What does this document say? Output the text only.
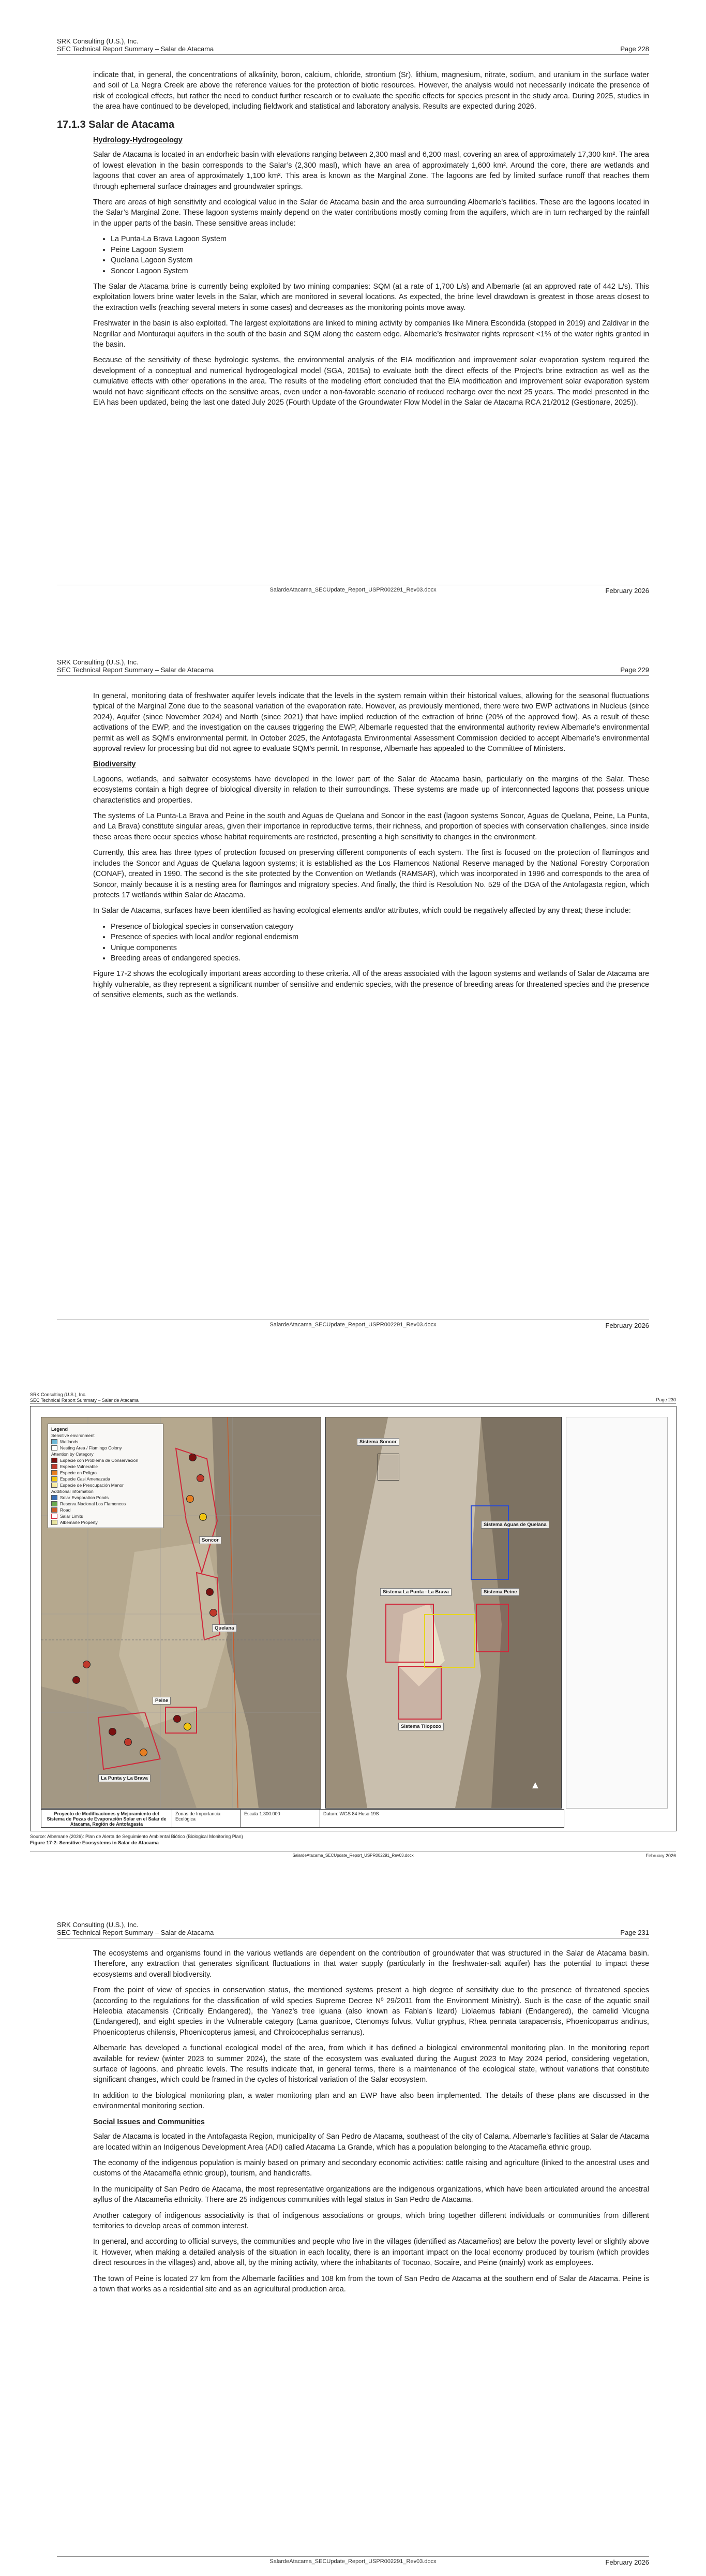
SRK Consulting (U.S.), Inc.
SEC Technical Report Summary – Salar de Atacama	Page 228

indicate that, in general, the concentrations of alkalinity, boron, calcium, chloride, strontium (Sr), lithium, magnesium, nitrate, sodium, and uranium in the surface water and soil of La Negra Creek are above the reference values for the protection of biotic resources. However, the analysis would not necessarily indicate the presence of risk of ecological effects, but rather the need to conduct further research or to evaluate the specific effects for species present in the study area. During 2025, studies in the area have continued to be developed, including fieldwork and statistical and laboratory analysis. Results are expected during 2026.

17.1.3 Salar de Atacama
Hydrology-Hydrogeology

Salar de Atacama is located in an endorheic basin with elevations ranging between 2,300 masl and 6,200 masl, covering an area of approximately 17,300 km². The area of lowest elevation in the basin corresponds to the Salar’s (2,300 masl), which have an area of approximately 1,600 km². Around the core, there are wetlands and lagoons that cover an area of approximately 1,100 km². This area is known as the Marginal Zone. The lagoons are fed by limited surface runoff that reaches them through ephemeral surface drainages and groundwater springs.

There are areas of high sensitivity and ecological value in the Salar de Atacama basin and the area surrounding Albemarle’s facilities. These are the lagoons located in the Salar’s Marginal Zone. These lagoon systems mainly depend on the water contributions mostly coming from the aquifers, which are in turn recharged by the rainfall in the upper parts of the basin. These sensitive areas include:

• La Punta-La Brava Lagoon System
• Peine Lagoon System
• Quelana Lagoon System
• Soncor Lagoon System

The Salar de Atacama brine is currently being exploited by two mining companies: SQM (at a rate of 1,700 L/s) and Albemarle (at an approved rate of 442 L/s). This exploitation lowers brine water levels in the Salar, which are monitored in several locations. As expected, the brine level drawdown is greatest in those areas closest to the extraction wells (reaching several meters in some cases) and decreases as the monitoring points move away.

Freshwater in the basin is also exploited. The largest exploitations are linked to mining activity by companies like Minera Escondida (stopped in 2019) and Zaldivar in the Negrillar and Monturaqui aquifers in the south of the basin and SQM along the eastern edge. Albemarle’s freshwater rights represent <1% of the water rights granted in the basin.

Because of the sensitivity of these hydrologic systems, the environmental analysis of the EIA modification and improvement solar evaporation system required the development of a conceptual and numerical hydrogeological model (SGA, 2015a) to evaluate both the direct effects of the Project’s brine extraction as well as the cumulative effects with other operations in the area. The results of the modeling effort concluded that the EIA modification and improvement solar evaporation system would not have significant effects on the sensitive areas, even under a non-favorable scenario of reduced recharge over the next 25 years. The model presented in the EIA has been updated, being the last one dated July 2025 (Fourth Update of the Groundwater Flow Model in the Salar de Atacama RCA 21/2012 (Gestionare, 2025)).

SalardeAtacama_SECUpdate_Report_USPR002291_Rev03.docx	February 2026
SRK Consulting (U.S.), Inc.
SEC Technical Report Summary – Salar de Atacama	Page 229

In general, monitoring data of freshwater aquifer levels indicate that the levels in the system remain within their historical values, allowing for the seasonal fluctuations typical of the Marginal Zone due to the seasonal variation of the evaporation rate. However, as previously mentioned, there were two EWP activations in Nucleus (since 2024), Aquifer (since November 2024) and North (since 2021) that have implied reduction of the extraction of brine (20% of the approved flow). As a result of these activations of the EWP, and the investigation on the causes triggering the EWP, Albemarle requested that the environmental authority review Albemarle’s environmental permit as well as SQM’s environmental permit. In October 2025, the Antofagasta Environmental Assessment Commission decided to accept Albemarle’s environmental approval review for processing but did not agree to evaluate SQM’s permit. In response, Albemarle has appealed to the Committee of Ministers.

Biodiversity

Lagoons, wetlands, and saltwater ecosystems have developed in the lower part of the Salar de Atacama basin, particularly on the margins of the Salar. These ecosystems contain a high degree of biological diversity in relation to their surroundings. These systems are made up of interconnected lagoons that possess unique characteristics and properties.

The systems of La Punta-La Brava and Peine in the south and Aguas de Quelana and Soncor in the east (lagoon systems Soncor, Aguas de Quelana, Peine, La Punta, and La Brava) constitute singular areas, given their importance in reproductive terms, their richness, and proportion of species with conservation challenges, since inside these areas there occur species whose habitat requirements are restricted, presenting a high sensitivity to changes in the environment.

Currently, this area has three types of protection focused on preserving different components of each system. The first is focused on the protection of flamingos and includes the Soncor and Aguas de Quelana lagoon systems; it is established as the Los Flamencos National Reserve managed by the National Forestry Corporation (CONAF), created in 1990. The second is the site protected by the Convention on Wetlands (RAMSAR), which was incorporated in 1996 and corresponds to the area of Soncor, mainly because it is a nesting area for flamingos and migratory species. And finally, the third is Resolution No. 529 of the DGA of the Antofagasta region, which protects 17 wetlands within Salar de Atacama.

In Salar de Atacama, surfaces have been identified as having ecological elements and/or attributes, which could be negatively affected by any threat; these include:

• Presence of biological species in conservation category
• Presence of species with local and/or regional endemism
• Unique components
• Breeding areas of endangered species.

Figure 17-2 shows the ecologically important areas according to these criteria. All of the areas associated with the lagoon systems and wetlands of Salar de Atacama are highly vulnerable, as they represent a significant number of sensitive and endemic species, with the presence of breeding areas for threatened species and the presence of sensitive elements, such as the wetlands.

SalardeAtacama_SECUpdate_Report_USPR002291_Rev03.docx	February 2026
SRK Consulting (U.S.), Inc.
SEC Technical Report Summary – Salar de Atacama	Page 230
Legend
Sensitive environment
Wetlands
Nesting Area / Flamingo Colony
Attention by Category
Especie con Problema de Conservación
Especie Vulnerable
Especie en Peligro
Especie Casi Amenazada
Especie de Preocupación Menor
Additional information
Solar Evaporation Ponds
Reserva Nacional Los Flamencos
Road
Salar Limits
Albemarle Property
Soncor
Quelana
Peine
La Punta y La Brava
Sistema Soncor
Sistema Aguas de Quelana
Sistema La Punta - La Brava	Sistema Peine
Sistema Tilopozo
▲
Proyecto de Modificaciones y Mejoramiento del Sistema de Pozas de Evaporación Solar en el Salar de Atacama, Región de Antofagasta
Zonas de Importancia Ecológica
Escala 1:300.000	Datum: WGS 84 Huso 19S
Source: Albemarle (2026): Plan de Alerta de Seguimiento Ambiental Biótico (Biological Monitoring Plan)
Figure 17-2: Sensitive Ecosystems in Salar de Atacama
SalardeAtacama_SECUpdate_Report_USPR002291_Rev03.docx	February 2026
SRK Consulting (U.S.), Inc.
SEC Technical Report Summary – Salar de Atacama	Page 231

The ecosystems and organisms found in the various wetlands are dependent on the contribution of groundwater that was structured in the Salar de Atacama basin. Therefore, any extraction that generates significant fluctuations in that water supply (particularly in the freshwater-salt aquifer) has the potential to impact these ecosystems and overall biodiversity.

From the point of view of species in conservation status, the mentioned systems present a high degree of sensitivity due to the presence of threatened species (according to the regulations for the classification of wild species Supreme Decree Nº 29/2011 from the Environment Ministry). Such is the case of the aquatic snail Heleobia atacamensis (Critically Endangered), the Yanez’s tree iguana (also known as Fabian’s lizard) Liolaemus fabiani (Endangered), the camelid Vicugna (Endangered), and eight species in the Vulnerable category (Lama guanicoe, Ctenomys fulvus, Vultur gryphus, Rhea pennata tarapacensis, Phoenicoparrus andinus, Phoenicopterus chilensis, Phoenicopterus jamesi, and Chroicocephalus serranus).

Albemarle has developed a functional ecological model of the area, from which it has defined a biological environmental monitoring plan. In the monitoring report available for review (winter 2023 to summer 2024), the state of the ecosystem was evaluated during the August 2023 to May 2024 period, considering vegetation, surface of lagoons, and phreatic levels. The results indicate that, in general terms, there is a maintenance of the ecological state, without variations that constitute significant changes, which could be framed in the cycles of historical variation of the Salar ecosystem.

In addition to the biological monitoring plan, a water monitoring plan and an EWP have also been implemented. The details of these plans are discussed in the environmental monitoring section.

Social Issues and Communities

Salar de Atacama is located in the Antofagasta Region, municipality of San Pedro de Atacama, southeast of the city of Calama. Albemarle’s facilities at Salar de Atacama are located within an Indigenous Development Area (ADI) called Atacama La Grande, which has a population belonging to the Atacameña ethnic group.

The economy of the indigenous population is mainly based on primary and secondary economic activities: cattle raising and agriculture (linked to the ancestral uses and customs of the Atacameña ethnic group), tourism, and handicrafts.

In the municipality of San Pedro de Atacama, the most representative organizations are the indigenous organizations, which have been articulated around the ancestral ayllus of the Atacameña ethnicity. There are 25 indigenous communities with legal status in San Pedro de Atacama.

Another category of indigenous associativity is that of indigenous associations or groups, which bring together different individuals or communities from different territories to develop areas of common interest.

In general, and according to official surveys, the communities and people who live in the villages (identified as Atacameños) are below the poverty level or slightly above it. However, when making a detailed analysis of the situation in each locality, there is an important impact on the local economy produced by tourism (which provides direct resources in the villages) and, above all, by the mining activity, where the inhabitants of Toconao, Socaire, and Peine (mainly) work as employees.

The town of Peine is located 27 km from the Albemarle facilities and 108 km from the town of San Pedro de Atacama at the southern end of Salar de Atacama. Peine is a town that works as a residential site and as an agricultural production area.

SalardeAtacama_SECUpdate_Report_USPR002291_Rev03.docx	February 2026
